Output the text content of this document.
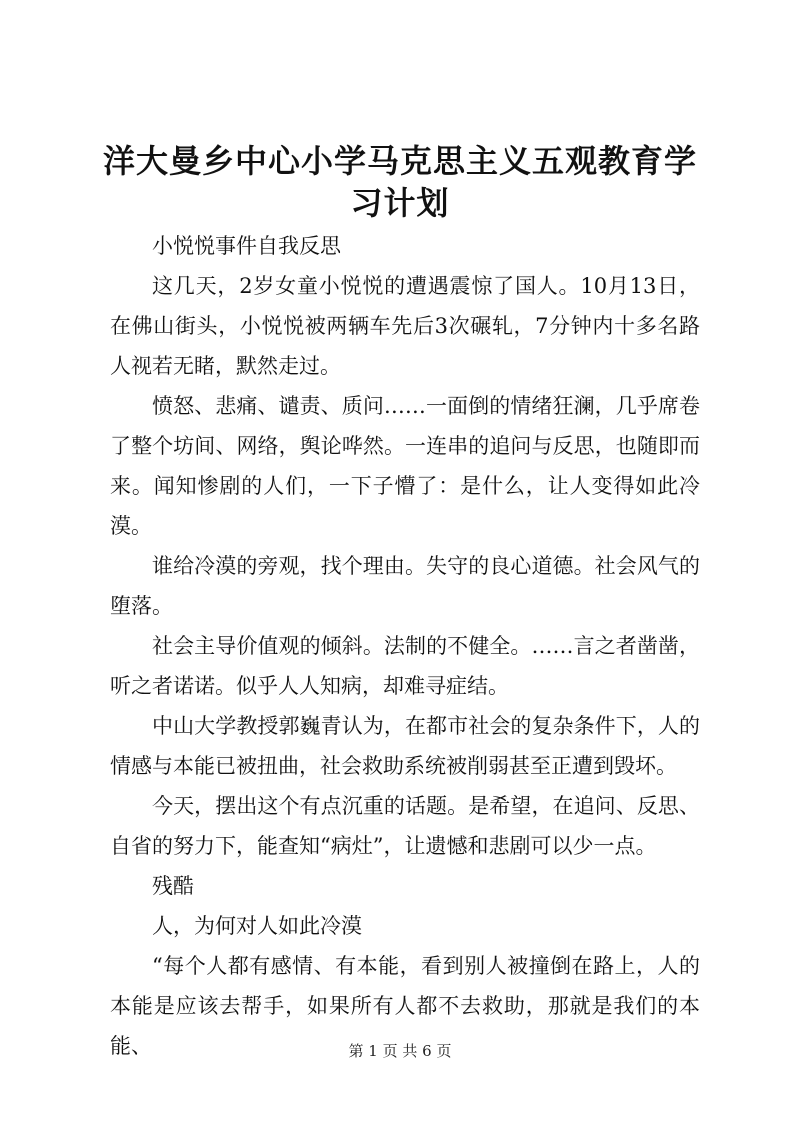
洋大曼乡中心小学马克思主义五观教育学习计划

小悦悦事件自我反思

这几天，2岁女童小悦悦的遭遇震惊了国人。10月13日，在佛山街头，小悦悦被两辆车先后3次碾轧，7分钟内十多名路人视若无睹，默然走过。

愤怒、悲痛、谴责、质问……一面倒的情绪狂澜，几乎席卷了整个坊间、网络，舆论哗然。一连串的追问与反思，也随即而来。闻知惨剧的人们，一下子懵了：是什么，让人变得如此冷漠。

谁给冷漠的旁观，找个理由。失守的良心道德。社会风气的堕落。

社会主导价值观的倾斜。法制的不健全。……言之者凿凿，听之者诺诺。似乎人人知病，却难寻症结。

中山大学教授郭巍青认为，在都市社会的复杂条件下，人的情感与本能已被扭曲，社会救助系统被削弱甚至正遭到毁坏。

今天，摆出这个有点沉重的话题。是希望，在追问、反思、自省的努力下，能查知“病灶”，让遗憾和悲剧可以少一点。

残酷

人，为何对人如此冷漠

“每个人都有感情、有本能，看到别人被撞倒在路上，人的本能是应该去帮手，如果所有人都不去救助，那就是我们的本能、	第 1 页 共 6 页
